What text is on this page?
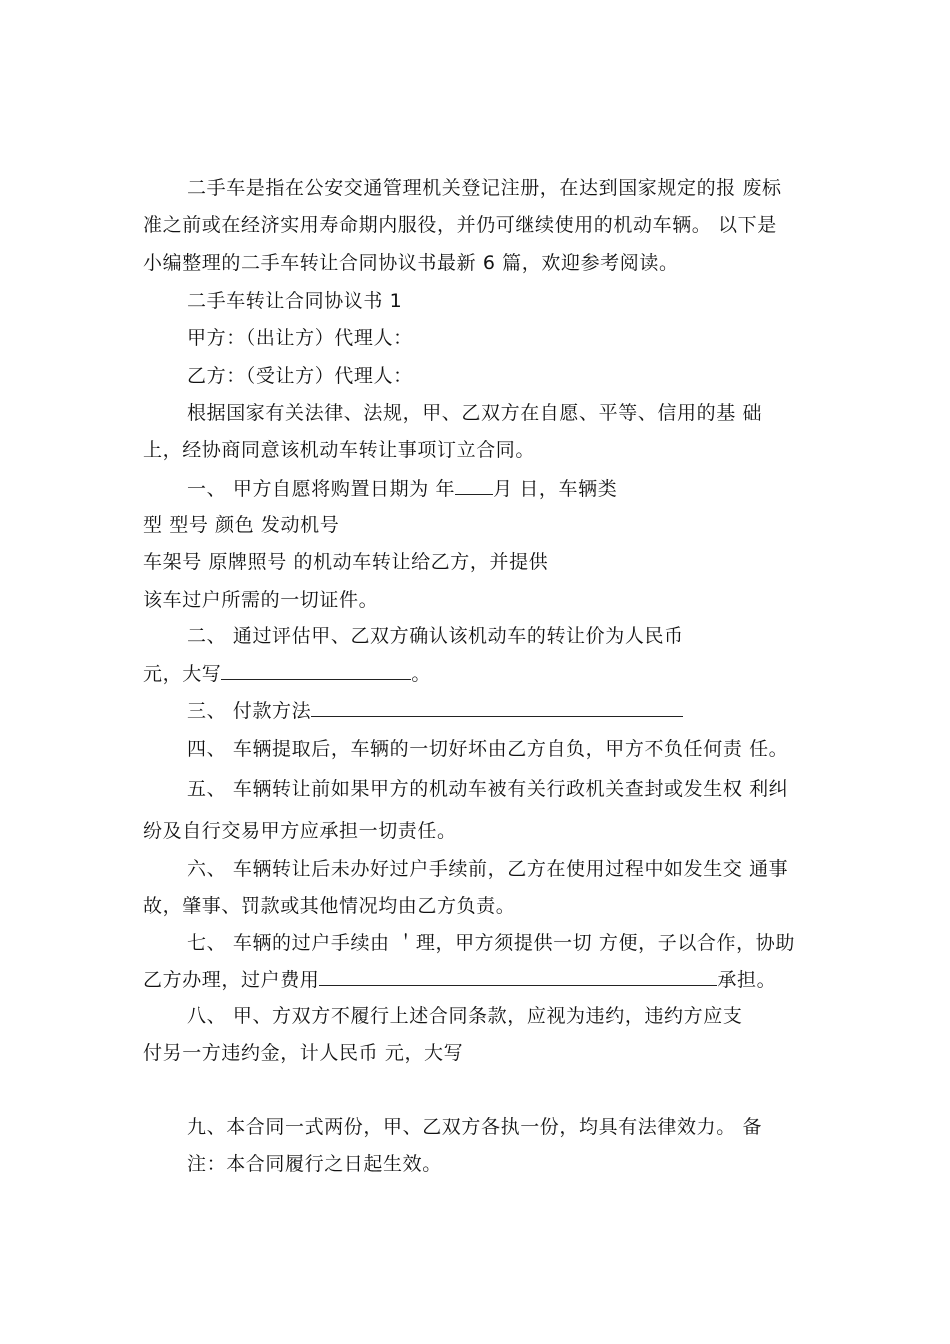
二手车是指在公安交通管理机关登记注册，在达到国家规定的报 废标
准之前或在经济实用寿命期内服役，并仍可继续使用的机动车辆。 以下是
小编整理的二手车转让合同协议书最新 6 篇，欢迎参考阅读。
二手车转让合同协议书 1
甲方：（出让方）代理人：
乙方：（受让方）代理人：
根据国家有关法律、法规，甲、乙双方在自愿、平等、信用的基 础
上，经协商同意该机动车转让事项订立合同。
一、 甲方自愿将购置日期为 年 月 日，车辆类
型 型号 颜色 发动机号
车架号 原牌照号 的机动车转让给乙方，并提供
该车过户所需的一切证件。
二、 通过评估甲、乙双方确认该机动车的转让价为人民币
元，大写	。
三、 付款方法
四、 车辆提取后，车辆的一切好坏由乙方自负，甲方不负任何责 任。
五、 车辆转让前如果甲方的机动车被有关行政机关查封或发生权 利纠
纷及自行交易甲方应承担一切责任。
六、 车辆转让后未办好过户手续前，乙方在使用过程中如发生交 通事
故，肇事、罚款或其他情况均由乙方负责。
七、 车辆的过户手续由 ＇理，甲方须提供一切 方便，子以合作，协助
乙方办理，过户费用	承担。
八、 甲、方双方不履行上述合同条款，应视为违约，违约方应支
付另一方违约金，计人民币 元，大写
九、本合同一式两份，甲、乙双方各执一份，均具有法律效力。 备
注：本合同履行之日起生效。
